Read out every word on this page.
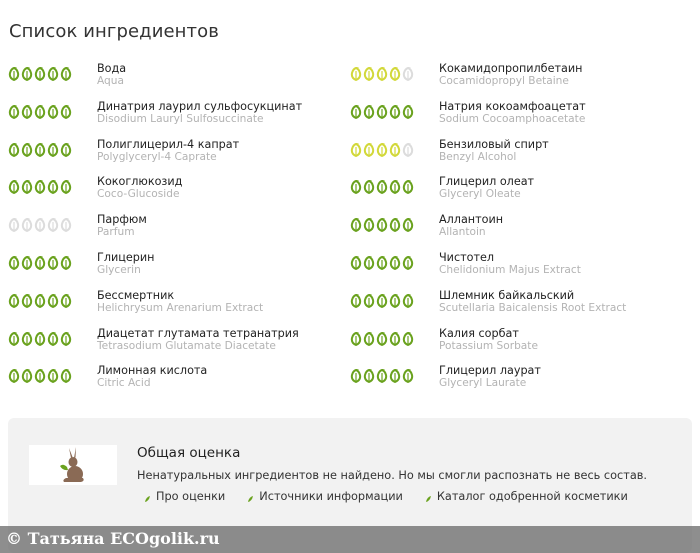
Список ингредиентов
Вода
Aqua
Динатрия лаурил сульфосукцинат
Disodium Lauryl Sulfosuccinate
Полиглицерил-4 капрат
Polyglyceryl-4 Caprate
Кокоглюкозид
Coco-Glucoside
Парфюм
Parfum
Глицерин
Glycerin
Бессмертник
Helichrysum Arenarium Extract
Диацетат глутамата тетранатрия
Tetrasodium Glutamate Diacetate
Лимонная кислота
Citric Acid
Кокамидопропилбетаин
Cocamidopropyl Betaine
Натрия кокоамфоацетат
Sodium Cocoamphoacetate
Бензиловый спирт
Benzyl Alcohol
Глицерил олеат
Glyceryl Oleate
Аллантоин
Allantoin
Чистотел
Chelidonium Majus Extract
Шлемник байкальский
Scutellaria Baicalensis Root Extract
Калия сорбат
Potassium Sorbate
Глицерил лаурат
Glyceryl Laurate
Общая оценка
Ненатуральных ингредиентов не найдено. Но мы смогли распознать не весь состав.
Про оценки	Источники информации	Каталог одобренной косметики
© Татьяна ECOgolik.ru
